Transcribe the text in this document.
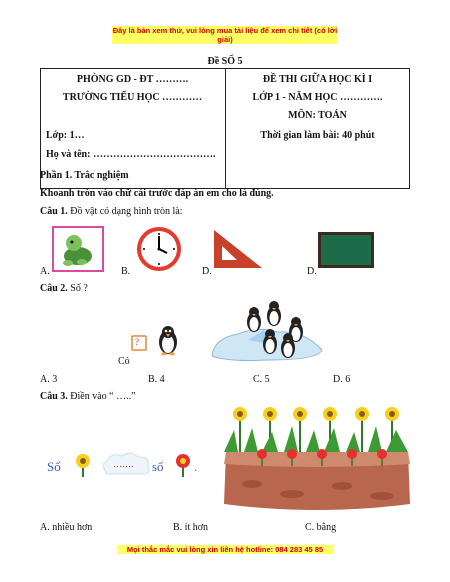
Đây là bản xem thử, vui lòng mua tài liệu để xem chi tiết (có lời giải)
Đề SỐ 5

PHÒNG GD - ĐT ……….
TRƯỜNG TIỂU HỌC …………
Lớp: 1…
Họ và tên: ……………………………….
ĐỀ THI GIỮA HỌC KÌ I
LỚP 1 - NĂM HỌC ………….
MÔN: TOÁN
Thời gian làm bài: 40 phút
Phần 1. Trắc nghiệm
Khoanh tròn vào chữ cái trước đáp án em cho là đúng.
Câu 1. Đồ vật có dạng hình tròn là:
A.	B.	D.	D.
Câu 2. Số ?
?
Có
A. 3	B. 4	C. 5	D. 6
Câu 3. Điền vào “ …..”
Số	……. số .
A. nhiều hơn	B. ít hơn	C. bằng
Mọi thắc mắc vui lòng xin liên hệ hotline: 084 283 45 85
